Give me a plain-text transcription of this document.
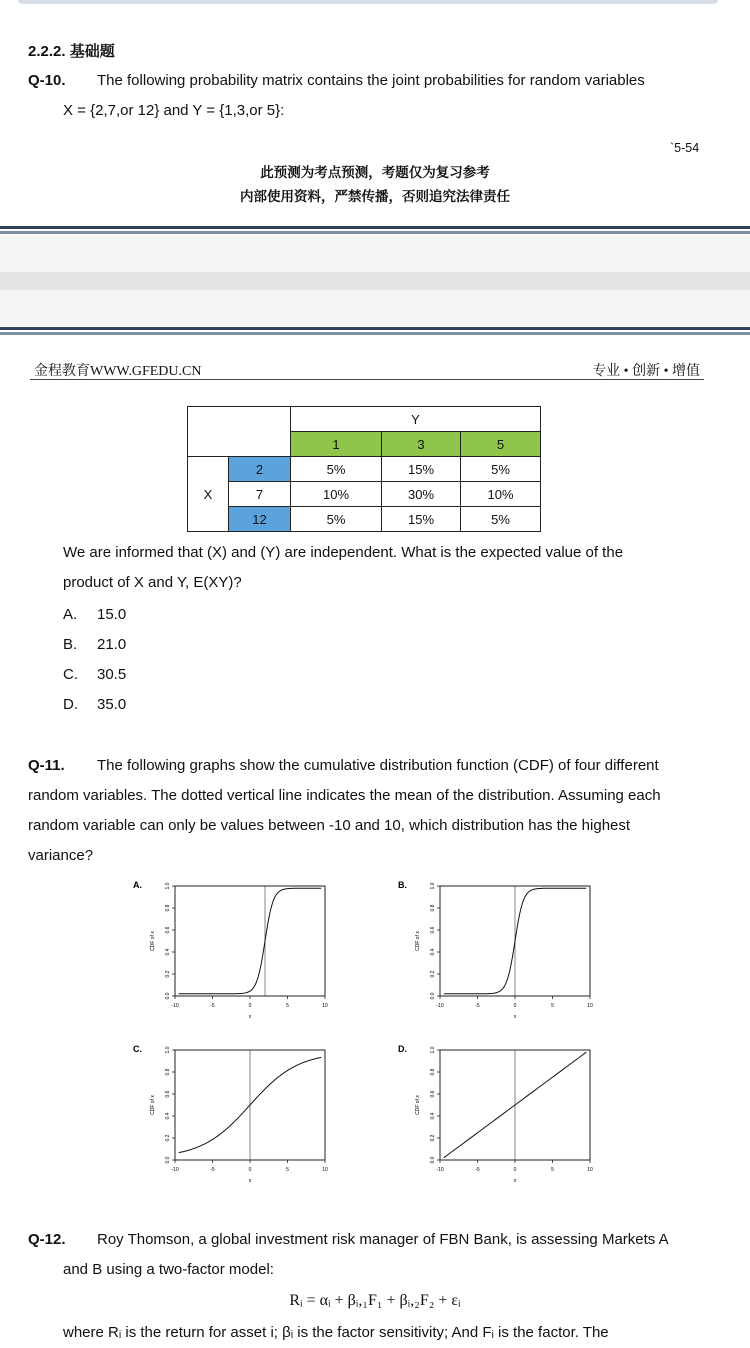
2.2.2. 基础题
Q-10. The following probability matrix contains the joint probabilities for random variables
X = {2,7,or 12} and Y = {1,3,or 5}:
`5-54
此预测为考点预测，考题仅为复习参考
内部使用资料，严禁传播，否则追究法律责任
金程教育WWW.GFEDU.CN	专业 • 创新 • 增值
		Y		
		1	3	5
X	2	5%	15%	5%
	7	10%	30%	10%
	12	5%	15%	5%
We are informed that (X) and (Y) are independent. What is the expected value of the
product of X and Y, E(XY)?
A. 15.0
B. 21.0
C. 30.5
D. 35.0
Q-11. The following graphs show the cumulative distribution function (CDF) of four different
random variables. The dotted vertical line indicates the mean of the distribution. Assuming each
random variable can only be values between -10 and 10, which distribution has the highest
variance?
A.
-10	-5	0	5	10
0.0
0.2
0.4
0.6
0.8
1.0
CDF of x
x
B.
-10	-5	0	5	10
0.0
0.2
0.4
0.6
0.8
1.0
CDF of x
x
C.
-10	-5	0	5	10
0.0
0.2
0.4
0.6
0.8
1.0
CDF of x
x
D.
-10	-5	0	5	10
0.0
0.2
0.4
0.6
0.8
1.0
CDF of x
x
Q-12. Roy Thomson, a global investment risk manager of FBN Bank, is assessing Markets A
and B using a two-factor model:
Rᵢ = αᵢ + βᵢ,₁F₁ + βᵢ,₂F₂ + εᵢ
where Rᵢ is the return for asset i; βᵢ is the factor sensitivity; And Fᵢ is the factor. The
